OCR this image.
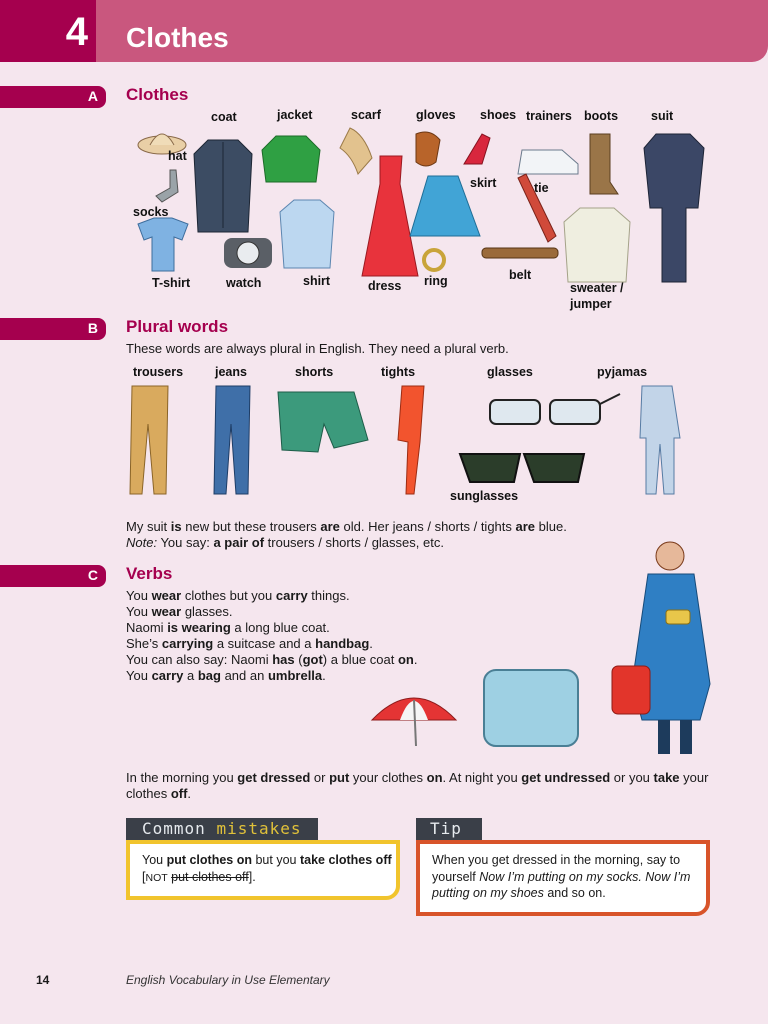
4 Clothes
A Clothes
coat	jacket	scarf	gloves shoes trainers boots	suit
hat
socks
T-shirt	watch	shirt	dress ring
skirt	tie
belt
sweater /
jumper
B Plural words
These words are always plural in English. They need a plural verb.
trousers	jeans	shorts	tights	glasses	pyjamas
sunglasses
My suit is new but these trousers are old. Her jeans / shorts / tights are blue.
Note: You say: a pair of trousers / shorts / glasses, etc.
C Verbs
You wear clothes but you carry things.
You wear glasses.
Naomi is wearing a long blue coat.
She’s carrying a suitcase and a handbag.
You can also say: Naomi has (got) a blue coat on.
You carry a bag and an umbrella.
In the morning you get dressed or put your clothes on. At night you get undressed or you take your
clothes off.
Common mistakes
You put clothes on but you take clothes off
[NOT put clothes off].
Tip
When you get dressed in the morning, say to
yourself Now I’m putting on my socks. Now I’m
putting on my shoes and so on.
14	English Vocabulary in Use Elementary
